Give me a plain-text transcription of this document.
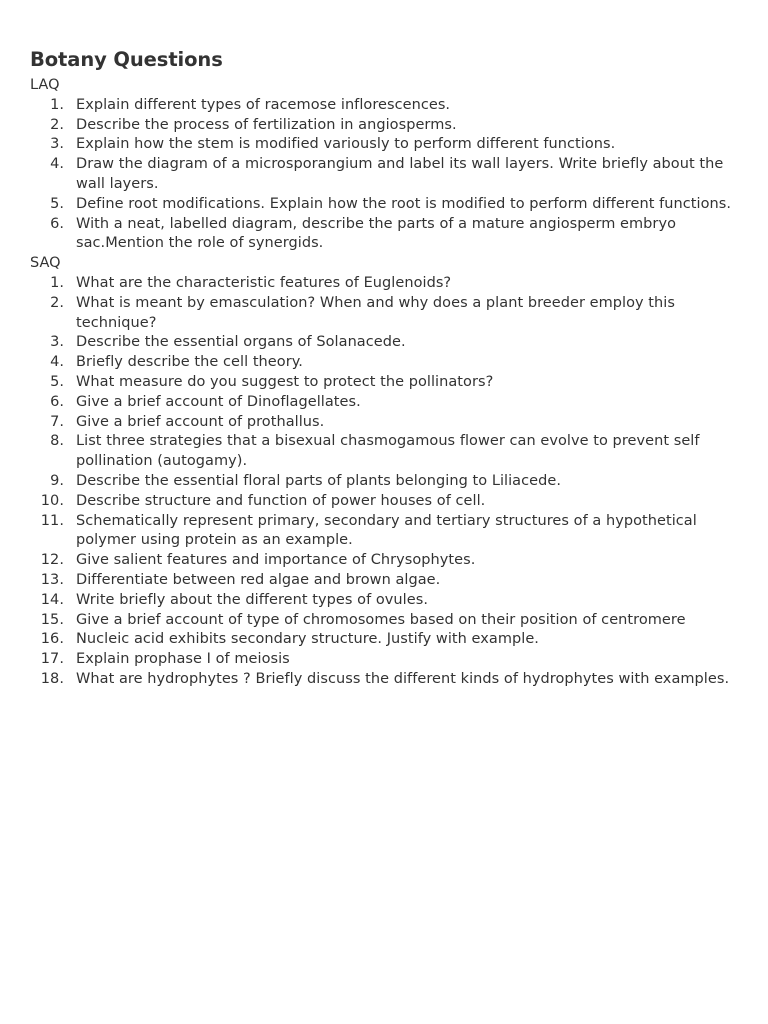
Botany Questions
LAQ
1. Explain different types of racemose inflorescences.
2. Describe the process of fertilization in angiosperms.
3. Explain how the stem is modified variously to perform different functions.
4. Draw the diagram of a microsporangium and label its wall layers. Write briefly about the wall layers.
5. Define root modifications. Explain how the root is modified to perform different functions.
6. With a neat, labelled diagram, describe the parts of a mature angiosperm embryo sac.Mention the role of synergids.
SAQ
1. What are the characteristic features of Euglenoids?
2. What is meant by emasculation? When and why does a plant breeder employ this technique?
3. Describe the essential organs of Solanacede.
4. Briefly describe the cell theory.
5. What measure do you suggest to protect the pollinators?
6. Give a brief account of Dinoflagellates.
7. Give a brief account of prothallus.
8. List three strategies that a bisexual chasmogamous flower can evolve to prevent self pollination (autogamy).
9. Describe the essential floral parts of plants belonging to Liliacede.
10. Describe structure and function of power houses of cell.
11. Schematically represent primary, secondary and tertiary structures of a hypothetical polymer using protein as an example.
12. Give salient features and importance of Chrysophytes.
13. Differentiate between red algae and brown algae.
14. Write briefly about the different types of ovules.
15. Give a brief account of type of chromosomes based on their position of centromere
16. Nucleic acid exhibits secondary structure. Justify with example.
17. Explain prophase I of meiosis
18. What are hydrophytes ? Briefly discuss the different kinds of hydrophytes with examples.
